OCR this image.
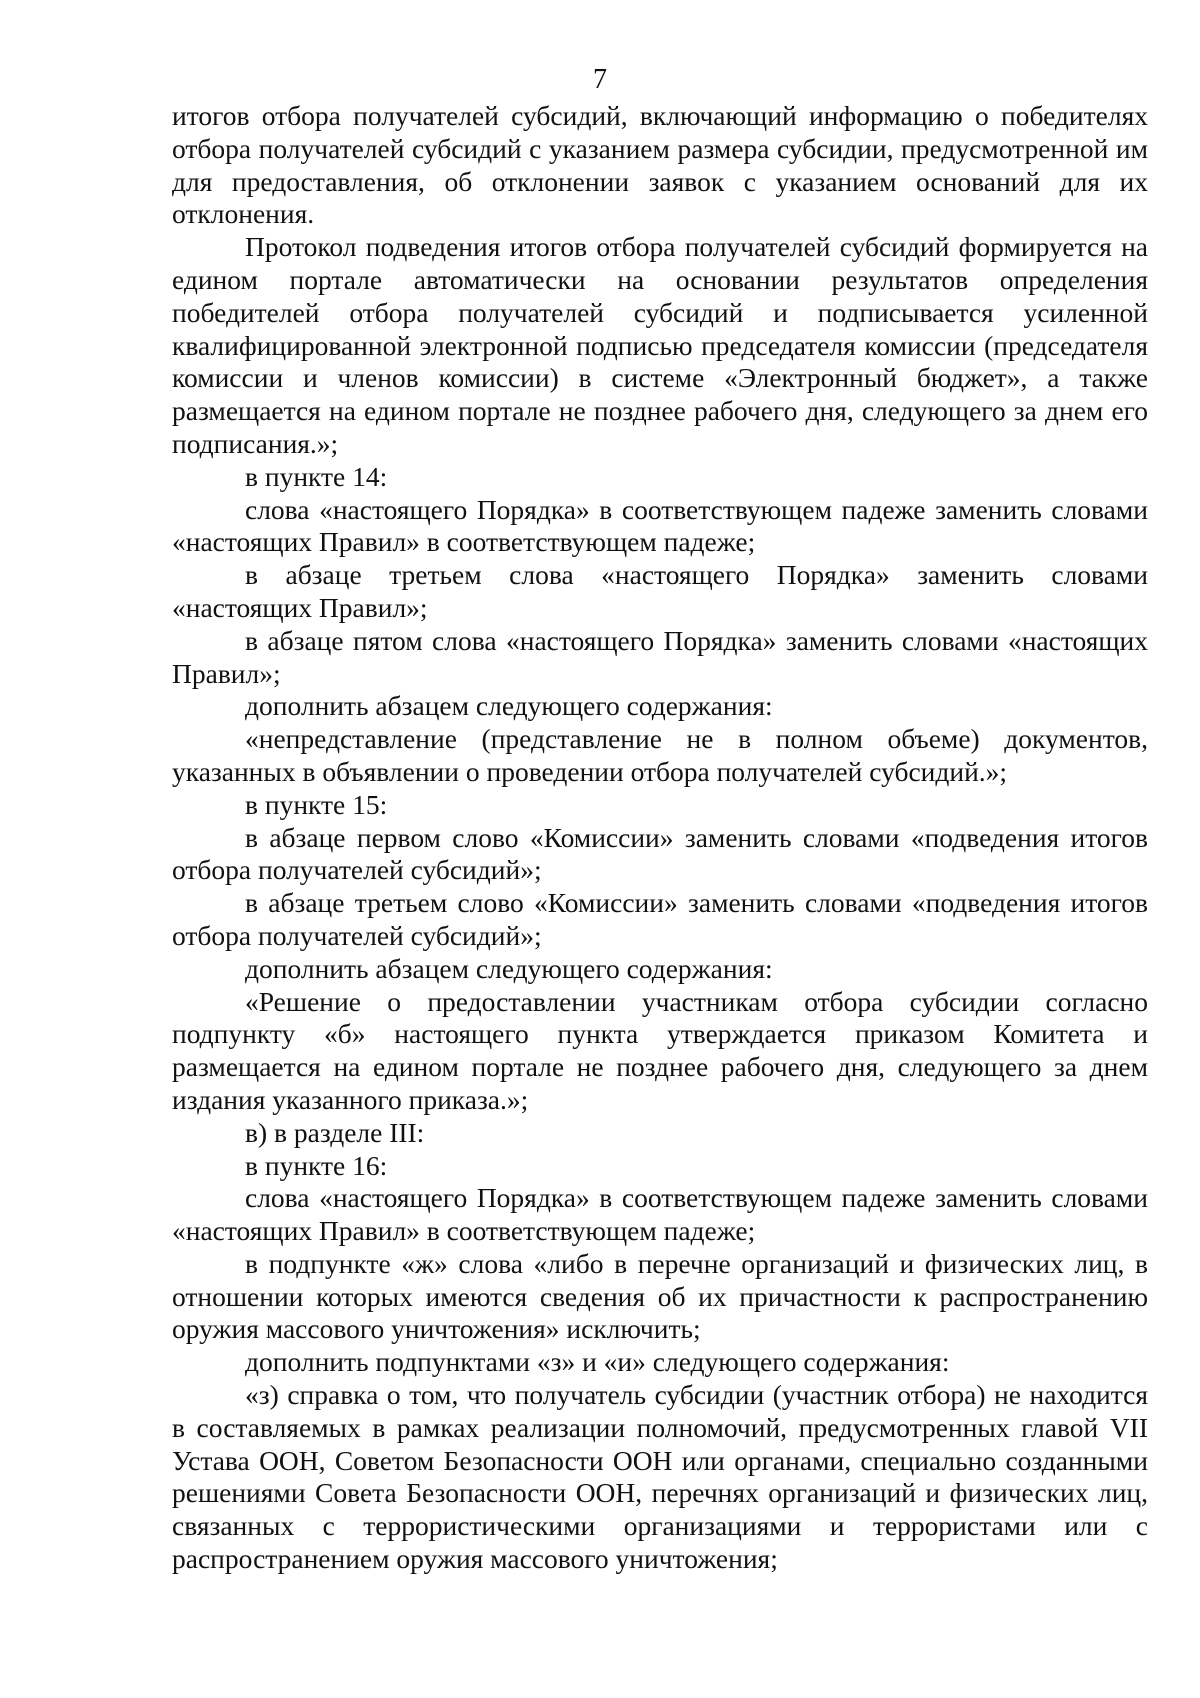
7

итогов отбора получателей субсидий, включающий информацию о победителях отбора получателей субсидий с указанием размера субсидии, предусмотренной им для предоставления, об отклонении заявок с указанием оснований для их отклонения.

Протокол подведения итогов отбора получателей субсидий формируется на едином портале автоматически на основании результатов определения победителей отбора получателей субсидий и подписывается усиленной квалифицированной электронной подписью председателя комиссии (председателя комиссии и членов комиссии) в системе «Электронный бюджет», а также размещается на едином портале не позднее рабочего дня, следующего за днем его подписания.»;

в пункте 14:

слова «настоящего Порядка» в соответствующем падеже заменить словами «настоящих Правил» в соответствующем падеже;

в абзаце третьем слова «настоящего Порядка» заменить словами «настоящих Правил»;

в абзаце пятом слова «настоящего Порядка» заменить словами «настоящих Правил»;

дополнить абзацем следующего содержания:

«непредставление (представление не в полном объеме) документов, указанных в объявлении о проведении отбора получателей субсидий.»;

в пункте 15:

в абзаце первом слово «Комиссии» заменить словами «подведения итогов отбора получателей субсидий»;

в абзаце третьем слово «Комиссии» заменить словами «подведения итогов отбора получателей субсидий»;

дополнить абзацем следующего содержания:

«Решение о предоставлении участникам отбора субсидии согласно подпункту «б» настоящего пункта утверждается приказом Комитета и размещается на едином портале не позднее рабочего дня, следующего за днем издания указанного приказа.»;

в) в разделе III:

в пункте 16:

слова «настоящего Порядка» в соответствующем падеже заменить словами «настоящих Правил» в соответствующем падеже;

в подпункте «ж» слова «либо в перечне организаций и физических лиц, в отношении которых имеются сведения об их причастности к распространению оружия массового уничтожения» исключить;

дополнить подпунктами «з» и «и» следующего содержания:

«з) справка о том, что получатель субсидии (участник отбора) не находится в составляемых в рамках реализации полномочий, предусмотренных главой VII Устава ООН, Советом Безопасности ООН или органами, специально созданными решениями Совета Безопасности ООН, перечнях организаций и физических лиц, связанных с террористическими организациями и террористами или с распространением оружия массового уничтожения;
